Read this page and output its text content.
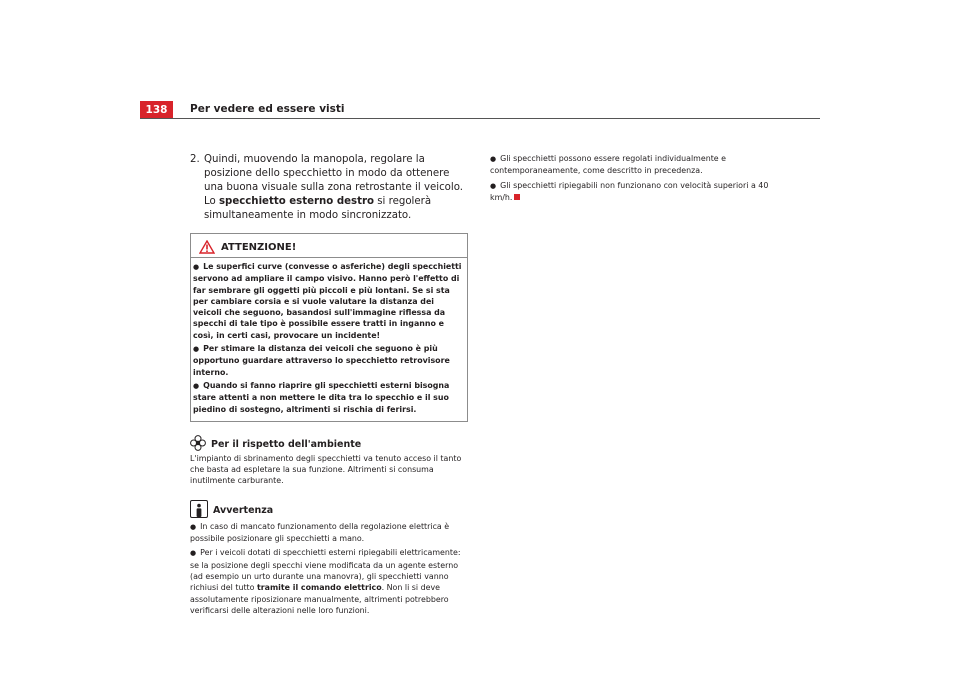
138	Per vedere ed essere visti
2. Quindi, muovendo la manopola, regolare la posizione dello specchietto in modo da ottenere una buona visuale sulla zona retrostante il veicolo. Lo specchietto esterno destro si regolerà simultaneamente in modo sincronizzato.
ATTENZIONE!
● Le superfici curve (convesse o asferiche) degli specchietti servono ad ampliare il campo visivo. Hanno però l'effetto di far sembrare gli oggetti più piccoli e più lontani. Se si sta per cambiare corsia e si vuole valutare la distanza dei veicoli che seguono, basandosi sull'immagine riflessa da specchi di tale tipo è possibile essere tratti in inganno e così, in certi casi, provocare un incidente!
● Per stimare la distanza dei veicoli che seguono è più opportuno guardare attraverso lo specchietto retrovisore interno.
● Quando si fanno riaprire gli specchietti esterni bisogna stare attenti a non mettere le dita tra lo specchio e il suo piedino di sostegno, altrimenti si rischia di ferirsi.
Per il rispetto dell'ambiente
L'impianto di sbrinamento degli specchietti va tenuto acceso il tanto che basta ad espletare la sua funzione. Altrimenti si consuma inutilmente carburante.
Avvertenza
● In caso di mancato funzionamento della regolazione elettrica è possibile posizionare gli specchietti a mano.
● Per i veicoli dotati di specchietti esterni ripiegabili elettricamente: se la posizione degli specchi viene modificata da un agente esterno (ad esempio un urto durante una manovra), gli specchietti vanno richiusi del tutto tramite il comando elettrico. Non li si deve assolutamente riposizionare manualmente, altrimenti potrebbero verificarsi delle alterazioni nelle loro funzioni.
● Gli specchietti possono essere regolati individualmente e contemporaneamente, come descritto in precedenza.
● Gli specchietti ripiegabili non funzionano con velocità superiori a 40 km/h.
